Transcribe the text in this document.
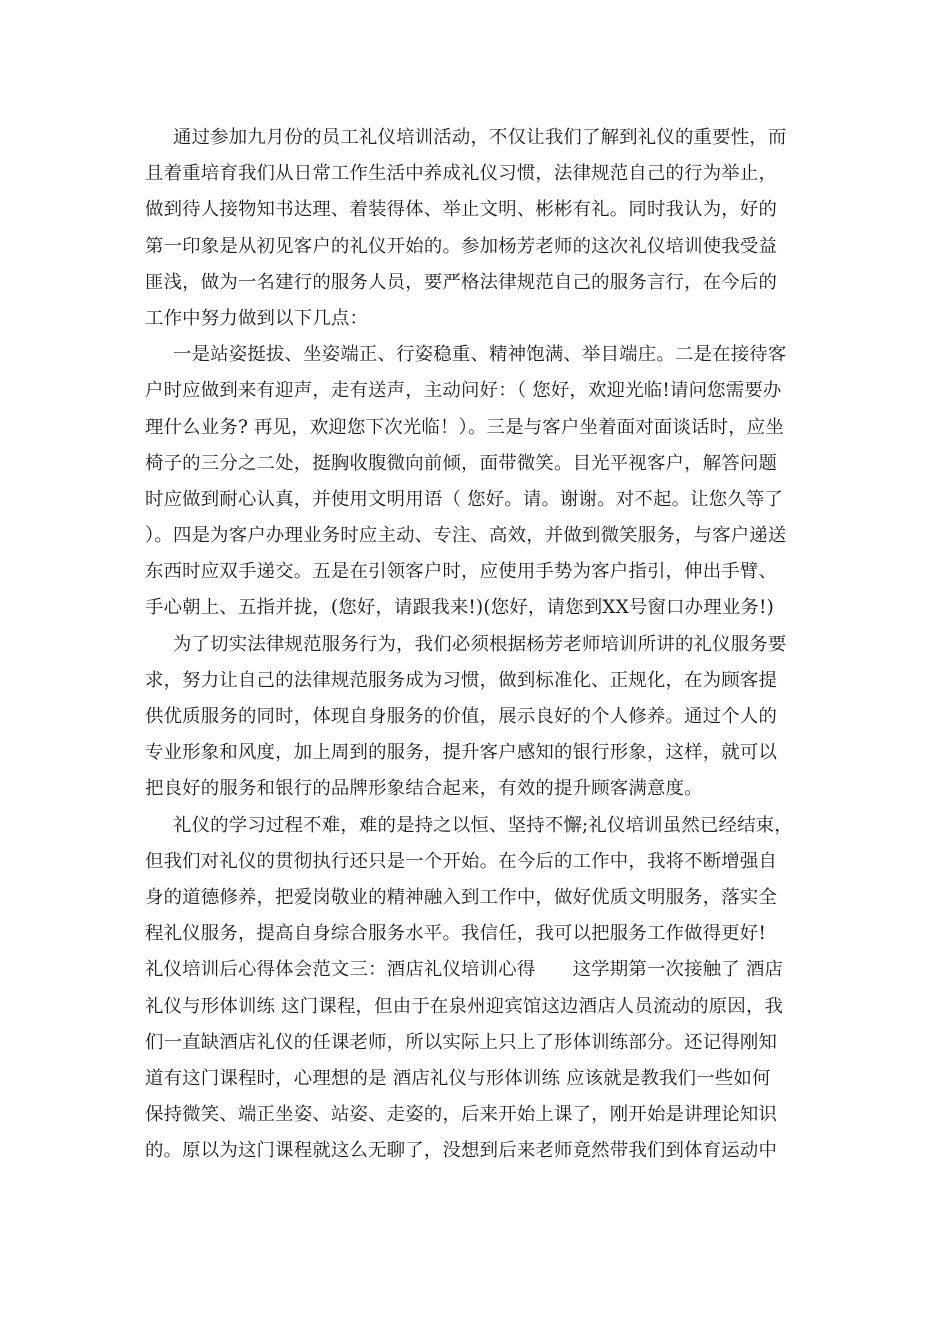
通过参加九月份的员工礼仪培训活动，不仅让我们了解到礼仪的重要性，而
且着重培育我们从日常工作生活中养成礼仪习惯，法律规范自己的行为举止，
做到待人接物知书达理、着装得体、举止文明、彬彬有礼。同时我认为，好的
第一印象是从初见客户的礼仪开始的。参加杨芳老师的这次礼仪培训使我受益
匪浅，做为一名建行的服务人员，要严格法律规范自己的服务言行，在今后的
工作中努力做到以下几点：
一是站姿挺拔、坐姿端正、行姿稳重、精神饱满、举目端庄。二是在接待客
户时应做到来有迎声，走有送声，主动问好：（ 您好，欢迎光临!请问您需要办
理什么业务? 再见，欢迎您下次光临！）。三是与客户坐着面对面谈话时，应坐
椅子的三分之二处，挺胸收腹微向前倾，面带微笑。目光平视客户，解答问题
时应做到耐心认真，并使用文明用语（ 您好。请。谢谢。对不起。让您久等了
）。四是为客户办理业务时应主动、专注、高效，并做到微笑服务，与客户递送
东西时应双手递交。五是在引领客户时，应使用手势为客户指引，伸出手臂、
手心朝上、五指并拢，(您好，请跟我来!)(您好，请您到XX号窗口办理业务!)
为了切实法律规范服务行为，我们必须根据杨芳老师培训所讲的礼仪服务要
求，努力让自己的法律规范服务成为习惯，做到标准化、正规化，在为顾客提
供优质服务的同时，体现自身服务的价值，展示良好的个人修养。通过个人的
专业形象和风度，加上周到的服务，提升客户感知的银行形象，这样，就可以
把良好的服务和银行的品牌形象结合起来，有效的提升顾客满意度。
礼仪的学习过程不难，难的是持之以恒、坚持不懈;礼仪培训虽然已经结束，
但我们对礼仪的贯彻执行还只是一个开始。在今后的工作中，我将不断增强自
身的道德修养，把爱岗敬业的精神融入到工作中，做好优质文明服务，落实全
程礼仪服务，提高自身综合服务水平。我信任，我可以把服务工作做得更好!
礼仪培训后心得体会范文三：酒店礼仪培训心得　　这学期第一次接触了 酒店
礼仪与形体训练 这门课程，但由于在泉州迎宾馆这边酒店人员流动的原因，我
们一直缺酒店礼仪的任课老师，所以实际上只上了形体训练部分。还记得刚知
道有这门课程时，心理想的是 酒店礼仪与形体训练 应该就是教我们一些如何
保持微笑、端正坐姿、站姿、走姿的，后来开始上课了，刚开始是讲理论知识
的。原以为这门课程就这么无聊了，没想到后来老师竟然带我们到体育运动中
